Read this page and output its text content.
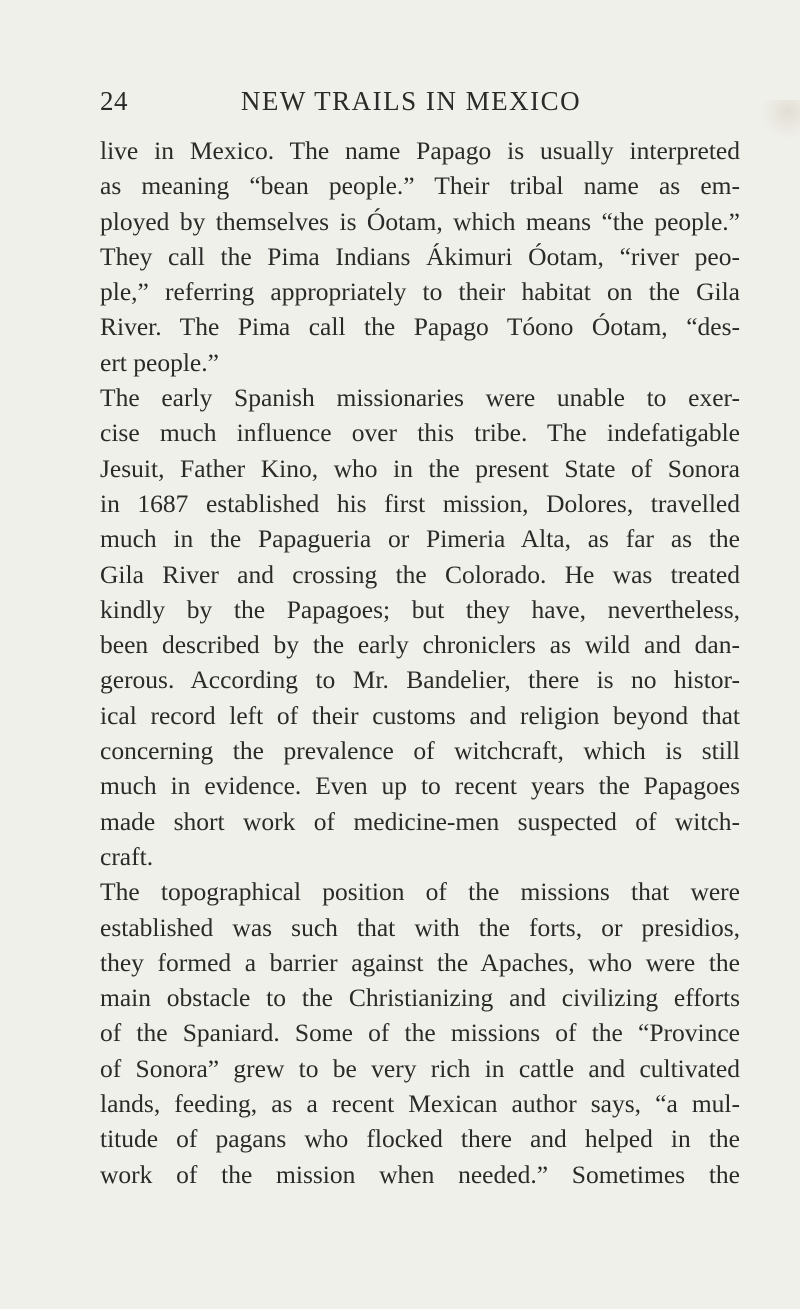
24	NEW TRAILS IN MEXICO

live in Mexico. The name Papago is usually interpreted
as meaning “bean people.” Their tribal name as em-
ployed by themselves is Óotam, which means “the people.”
They call the Pima Indians Ákimuri Óotam, “river peo-
ple,” referring appropriately to their habitat on the Gila
River. The Pima call the Papago Tóono Óotam, “des-
ert people.”

The early Spanish missionaries were unable to exer-
cise much influence over this tribe. The indefatigable
Jesuit, Father Kino, who in the present State of Sonora
in 1687 established his first mission, Dolores, travelled
much in the Papagueria or Pimeria Alta, as far as the
Gila River and crossing the Colorado. He was treated
kindly by the Papagoes; but they have, nevertheless,
been described by the early chroniclers as wild and dan-
gerous. According to Mr. Bandelier, there is no histor-
ical record left of their customs and religion beyond that
concerning the prevalence of witchcraft, which is still
much in evidence. Even up to recent years the Papagoes
made short work of medicine-men suspected of witch-
craft.

The topographical position of the missions that were
established was such that with the forts, or presidios,
they formed a barrier against the Apaches, who were the
main obstacle to the Christianizing and civilizing efforts
of the Spaniard. Some of the missions of the “Province
of Sonora” grew to be very rich in cattle and cultivated
lands, feeding, as a recent Mexican author says, “a mul-
titude of pagans who flocked there and helped in the
work of the mission when needed.” Sometimes the
